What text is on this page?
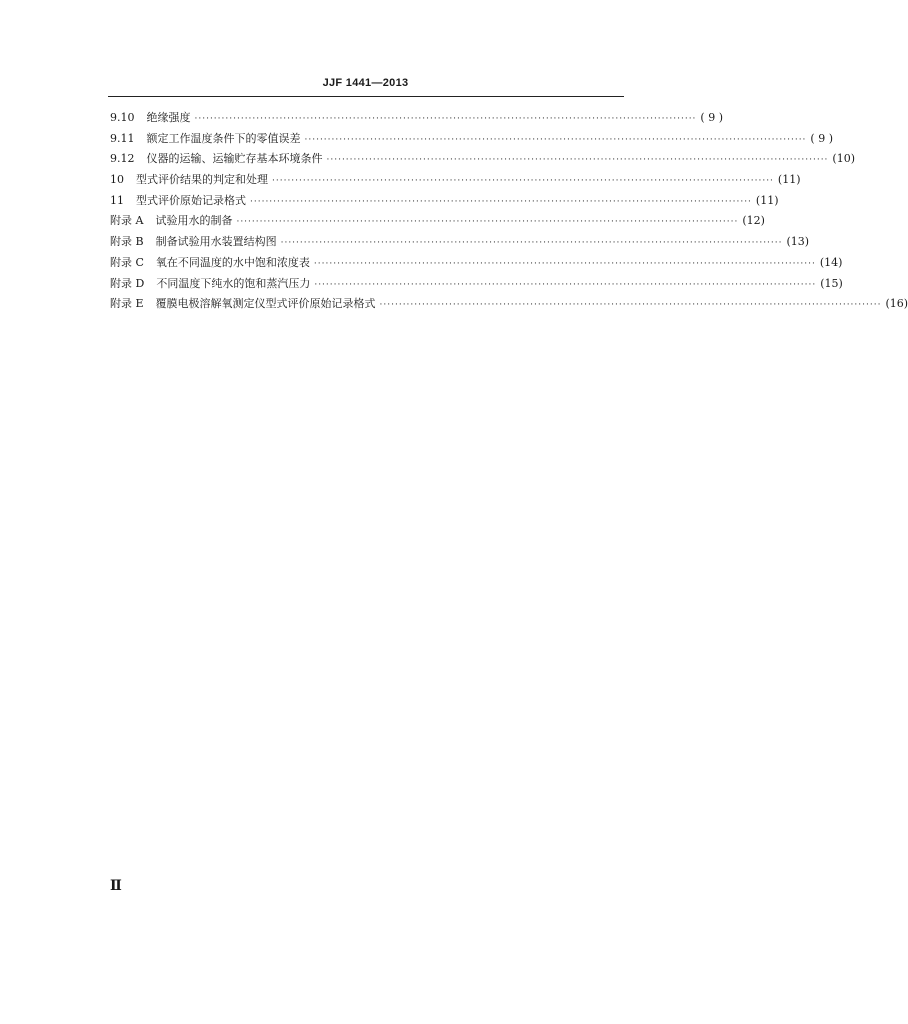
JJF 1441—2013
9.10 绝缘强度 ·································································································································· ( 9 )
9.11 额定工作温度条件下的零值误差 ·································································································································· ( 9 )
9.12 仪器的运输、运输贮存基本环境条件 ·································································································································· (10)
10 型式评价结果的判定和处理 ·································································································································· (11)
11 型式评价原始记录格式 ·································································································································· (11)
附录 A 试验用水的制备 ·································································································································· (12)
附录 B 制备试验用水装置结构图 ·································································································································· (13)
附录 C 氧在不同温度的水中饱和浓度表 ·································································································································· (14)
附录 D 不同温度下纯水的饱和蒸汽压力 ·································································································································· (15)
附录 E 覆膜电极溶解氧测定仪型式评价原始记录格式 ·································································································································· (16)
Ⅱ
